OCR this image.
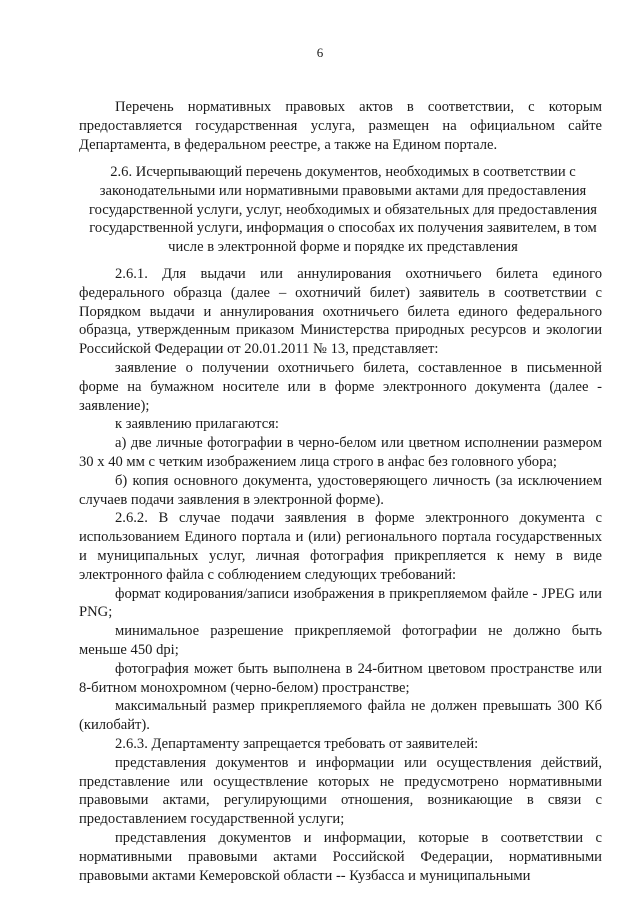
6

Перечень нормативных правовых актов в соответствии, с которым предоставляется государственная услуга, размещен на официальном сайте Департамента, в федеральном реестре, а также на Едином портале.

2.6. Исчерпывающий перечень документов, необходимых в соответствии с законодательными или нормативными правовыми актами для предоставления государственной услуги, услуг, необходимых и обязательных для предоставления государственной услуги, информация о способах их получения заявителем, в том числе в электронной форме и порядке их представления

2.6.1. Для выдачи или аннулирования охотничьего билета единого федерального образца (далее – охотничий билет) заявитель в соответствии с Порядком выдачи и аннулирования охотничьего билета единого федерального образца, утвержденным приказом Министерства природных ресурсов и экологии Российской Федерации от 20.01.2011 № 13, представляет:

заявление о получении охотничьего билета, составленное в письменной форме на бумажном носителе или в форме электронного документа (далее - заявление);

к заявлению прилагаются:

а) две личные фотографии в черно-белом или цветном исполнении размером 30 х 40 мм с четким изображением лица строго в анфас без головного убора;

б) копия основного документа, удостоверяющего личность (за исключением случаев подачи заявления в электронной форме).

2.6.2. В случае подачи заявления в форме электронного документа с использованием Единого портала и (или) регионального портала государственных и муниципальных услуг, личная фотография прикрепляется к нему в виде электронного файла с соблюдением следующих требований:

формат кодирования/записи изображения в прикрепляемом файле - JPEG или PNG;

минимальное разрешение прикрепляемой фотографии не должно быть меньше 450 dpi;

фотография может быть выполнена в 24-битном цветовом пространстве или 8-битном монохромном (черно-белом) пространстве;

максимальный размер прикрепляемого файла не должен превышать 300 Кб (килобайт).

2.6.3. Департаменту запрещается требовать от заявителей:

представления документов и информации или осуществления действий, представление или осуществление которых не предусмотрено нормативными правовыми актами, регулирующими отношения, возникающие в связи с предоставлением государственной услуги;

представления документов и информации, которые в соответствии с нормативными правовыми актами Российской Федерации, нормативными правовыми актами Кемеровской области -- Кузбасса и муниципальными
